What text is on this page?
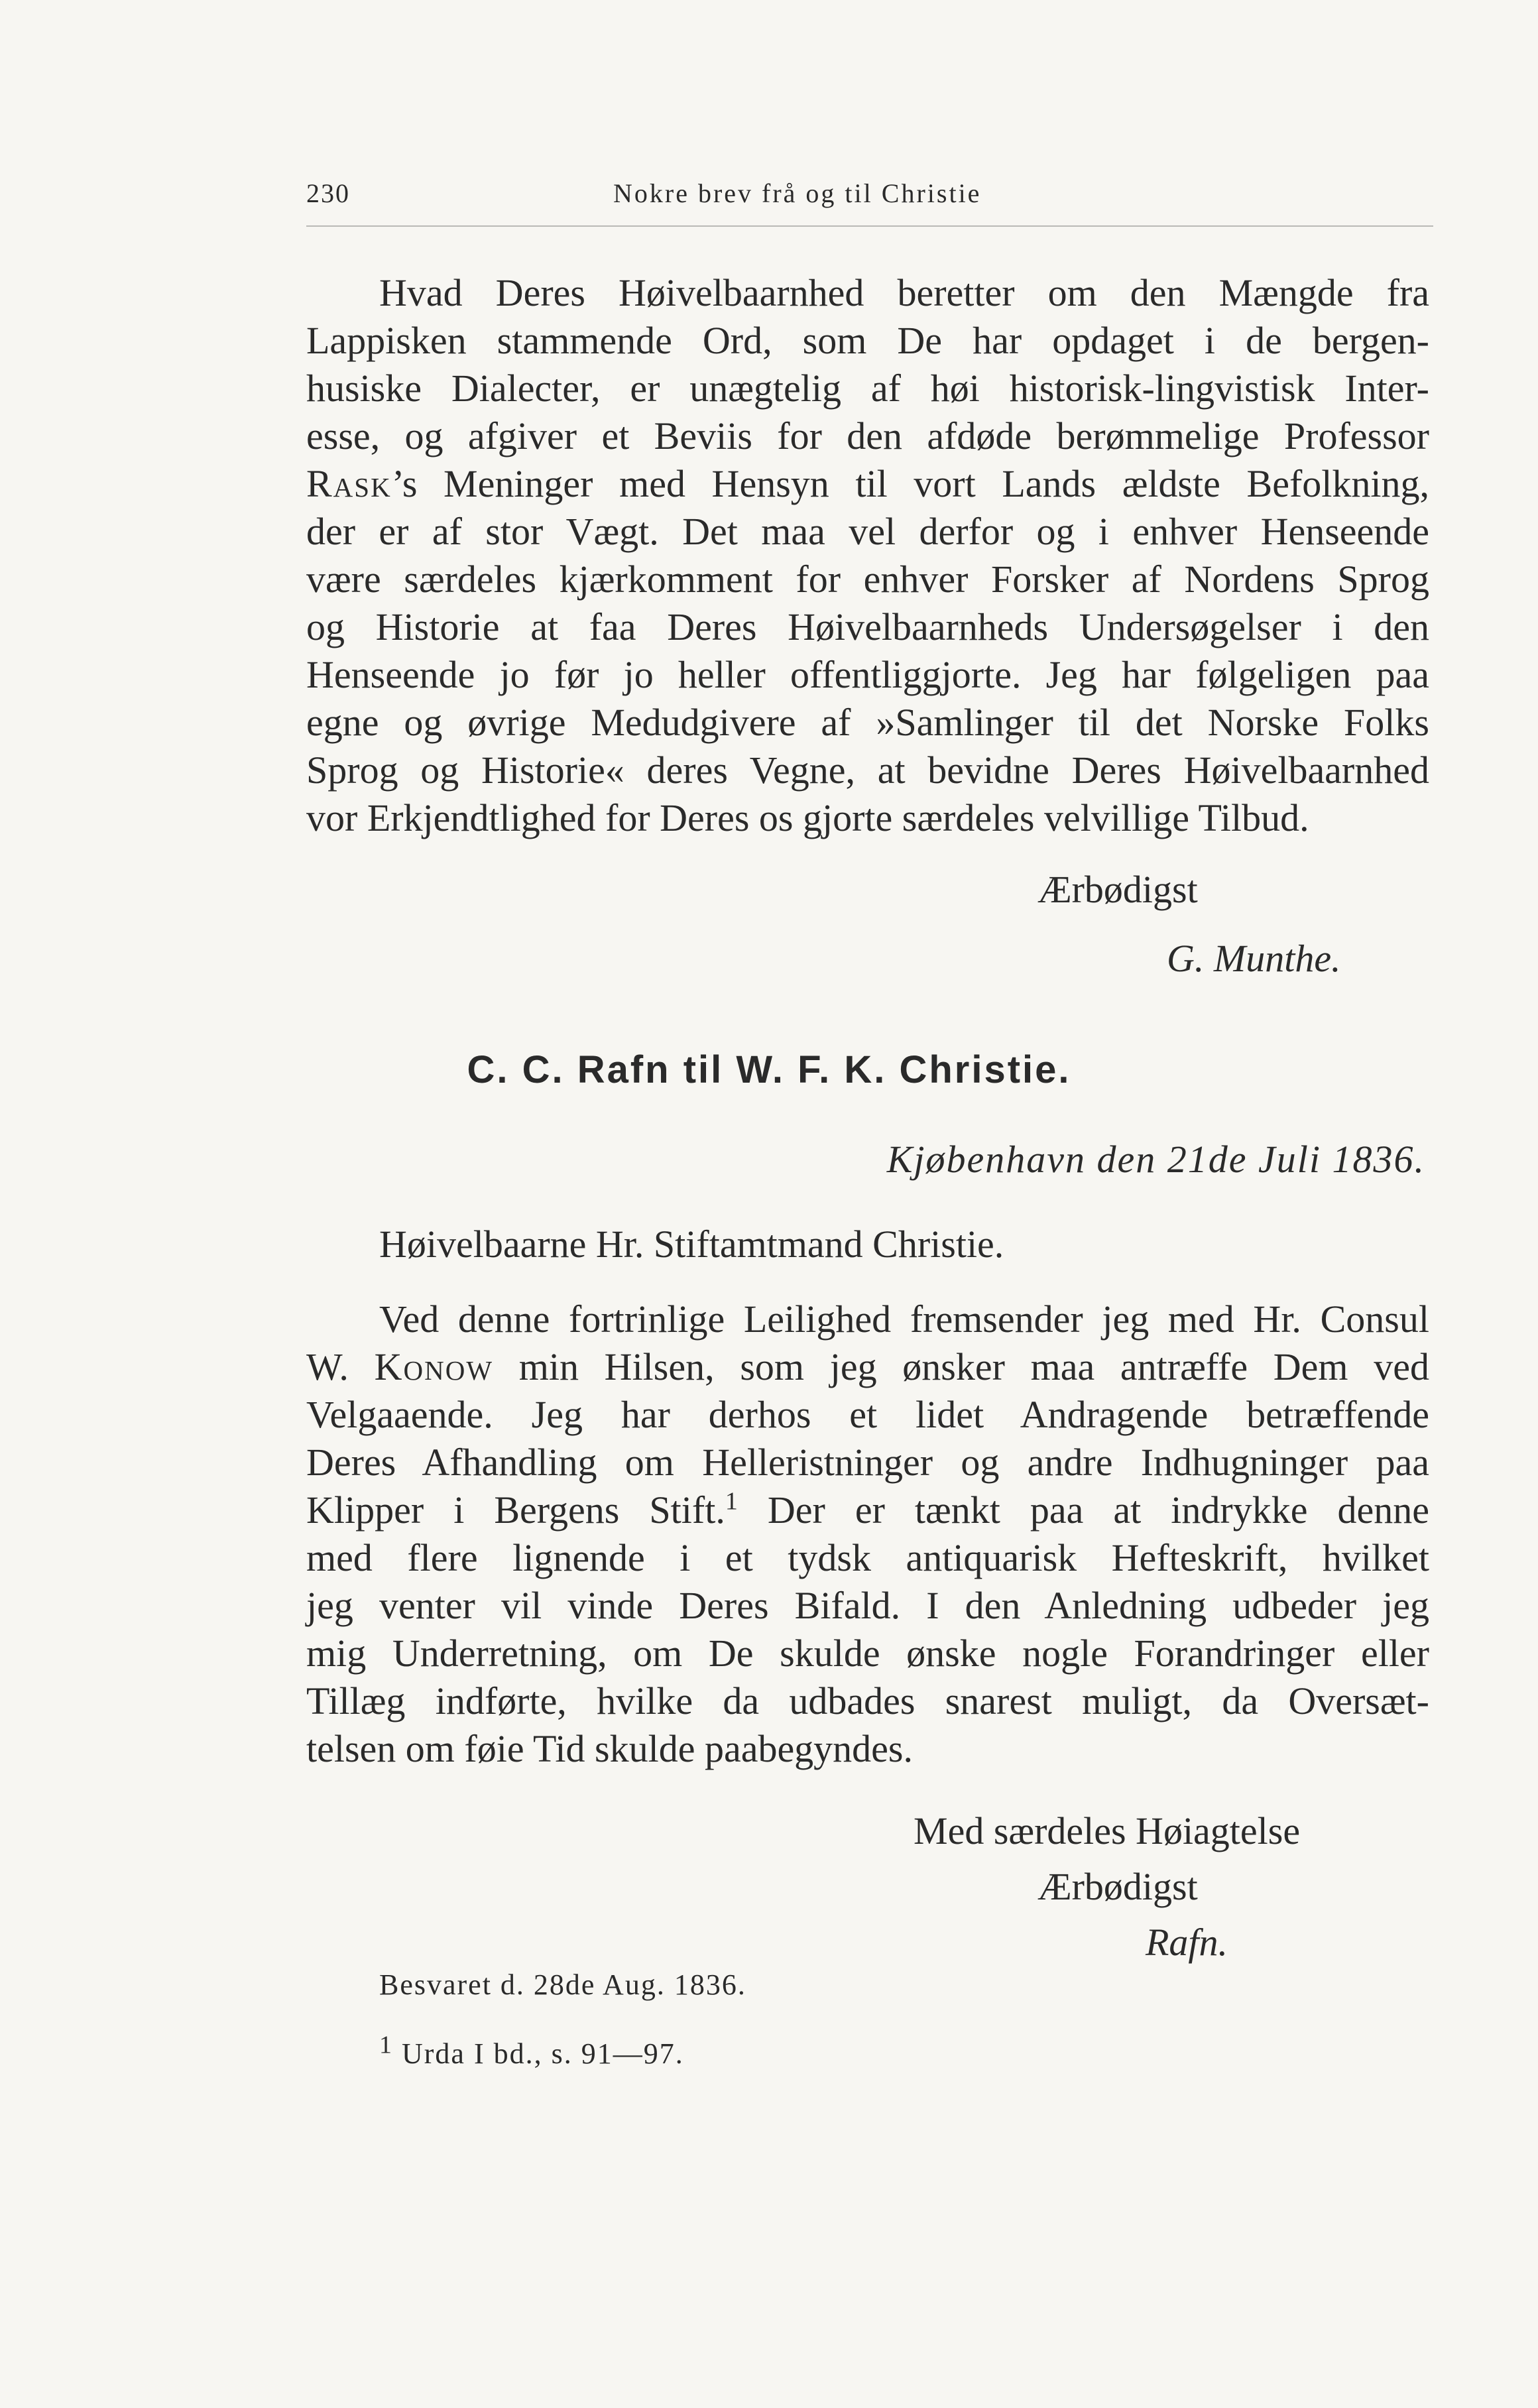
230	Nokre brev frå og til Christie
Hvad Deres Høivelbaarnhed beretter om den Mængde fra
Lappisken stammende Ord, som De har opdaget i de bergen-
husiske Dialecter, er unægtelig af høi historisk-lingvistisk Inter-
esse, og afgiver et Beviis for den afdøde berømmelige Professor
Rask’s Meninger med Hensyn til vort Lands ældste Befolkning,
der er af stor Vægt. Det maa vel derfor og i enhver Henseende
være særdeles kjærkomment for enhver Forsker af Nordens Sprog
og Historie at faa Deres Høivelbaarnheds Undersøgelser i den
Henseende jo før jo heller offentliggjorte. Jeg har følgeligen paa
egne og øvrige Medudgivere af »Samlinger til det Norske Folks
Sprog og Historie« deres Vegne, at bevidne Deres Høivelbaarnhed
vor Erkjendtlighed for Deres os gjorte særdeles velvillige Tilbud.
Ærbødigst
G. Munthe.
C. C. Rafn til W. F. K. Christie.
Kjøbenhavn den 21de Juli 1836.
Høivelbaarne Hr. Stiftamtmand Christie.
Ved denne fortrinlige Leilighed fremsender jeg med Hr. Consul
W. Konow min Hilsen, som jeg ønsker maa antræffe Dem ved
Velgaaende. Jeg har derhos et lidet Andragende betræffende
Deres Afhandling om Helleristninger og andre Indhugninger paa
Klipper i Bergens Stift.$^1$ Der er tænkt paa at indrykke denne
med flere lignende i et tydsk antiquarisk Hefteskrift, hvilket
jeg venter vil vinde Deres Bifald. I den Anledning udbeder jeg
mig Underretning, om De skulde ønske nogle Forandringer eller
Tillæg indførte, hvilke da udbades snarest muligt, da Oversæt-
telsen om føie Tid skulde paabegyndes.
Med særdeles Høiagtelse
Ærbødigst
Rafn.
Besvaret d. 28de Aug. 1836.
$^1$ Urda I bd., s. 91—97.
